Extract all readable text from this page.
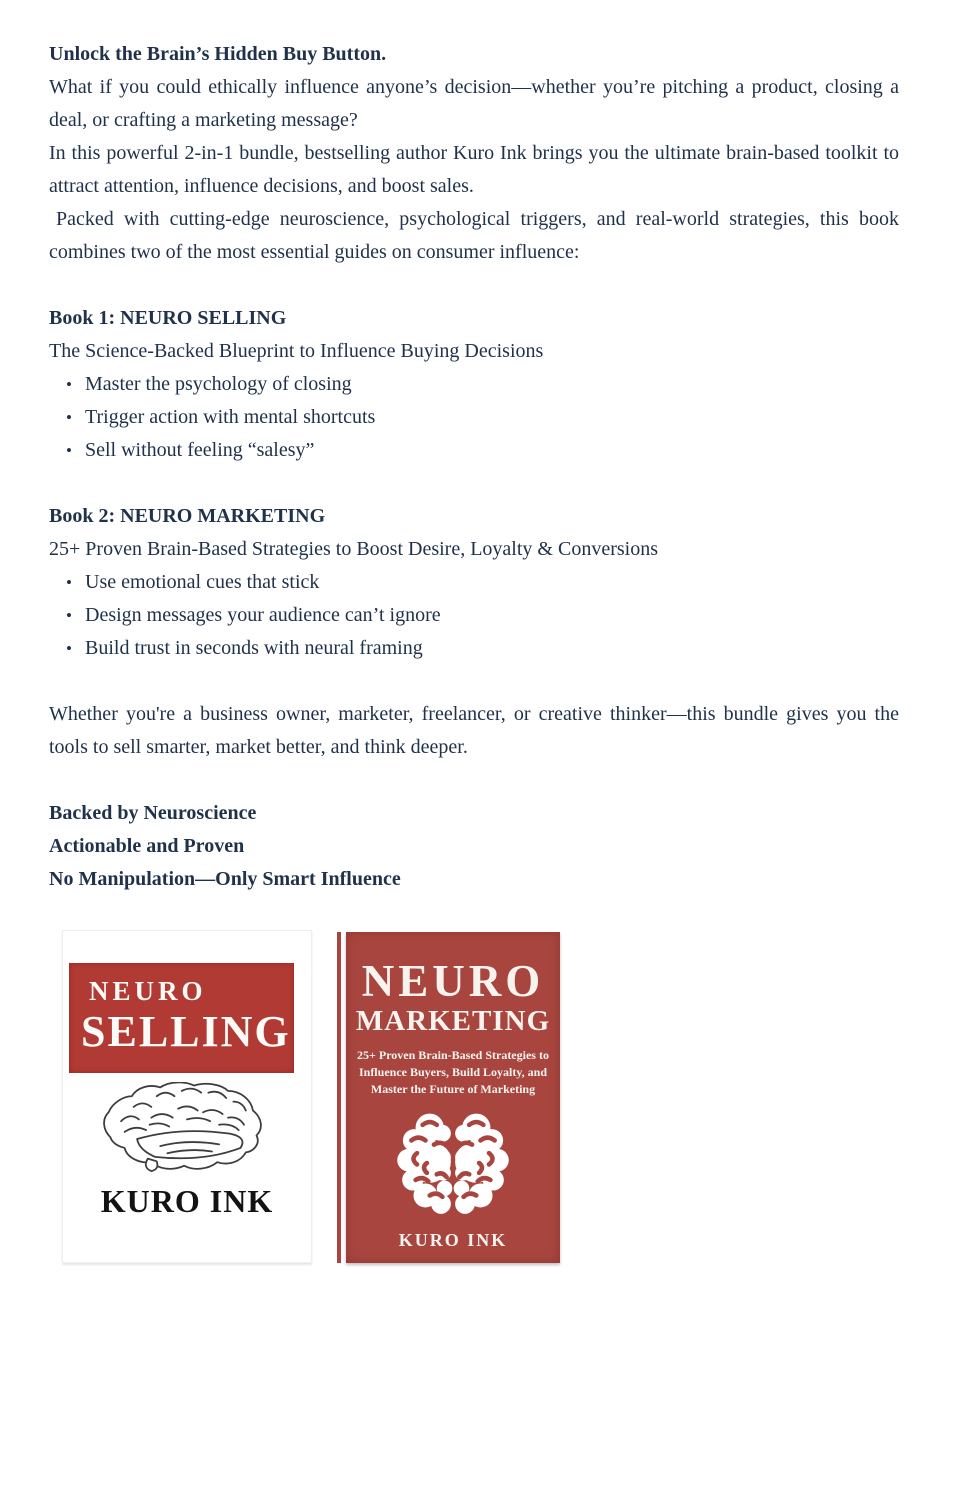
Unlock the Brain’s Hidden Buy Button.

What if you could ethically influence anyone’s decision—whether you’re pitching a product, closing a deal, or crafting a marketing message?

In this powerful 2-in-1 bundle, bestselling author Kuro Ink brings you the ultimate brain-based toolkit to attract attention, influence decisions, and boost sales.

Packed with cutting-edge neuroscience, psychological triggers, and real-world strategies, this book combines two of the most essential guides on consumer influence:

Book 1: NEURO SELLING

The Science-Backed Blueprint to Influence Buying Decisions

• Master the psychology of closing
• Trigger action with mental shortcuts
• Sell without feeling “salesy”
Book 2: NEURO MARKETING

25+ Proven Brain-Based Strategies to Boost Desire, Loyalty & Conversions

• Use emotional cues that stick
• Design messages your audience can’t ignore
• Build trust in seconds with neural framing

Whether you're a business owner, marketer, freelancer, or creative thinker—this bundle gives you the tools to sell smarter, market better, and think deeper.

Backed by Neuroscience

Actionable and Proven

No Manipulation—Only Smart Influence

NEURO
SELLING
KURO INK
NEURO
MARKETING
25+ Proven Brain-Based Strategies to
Influence Buyers, Build Loyalty, and
Master the Future of Marketing
KURO INK
